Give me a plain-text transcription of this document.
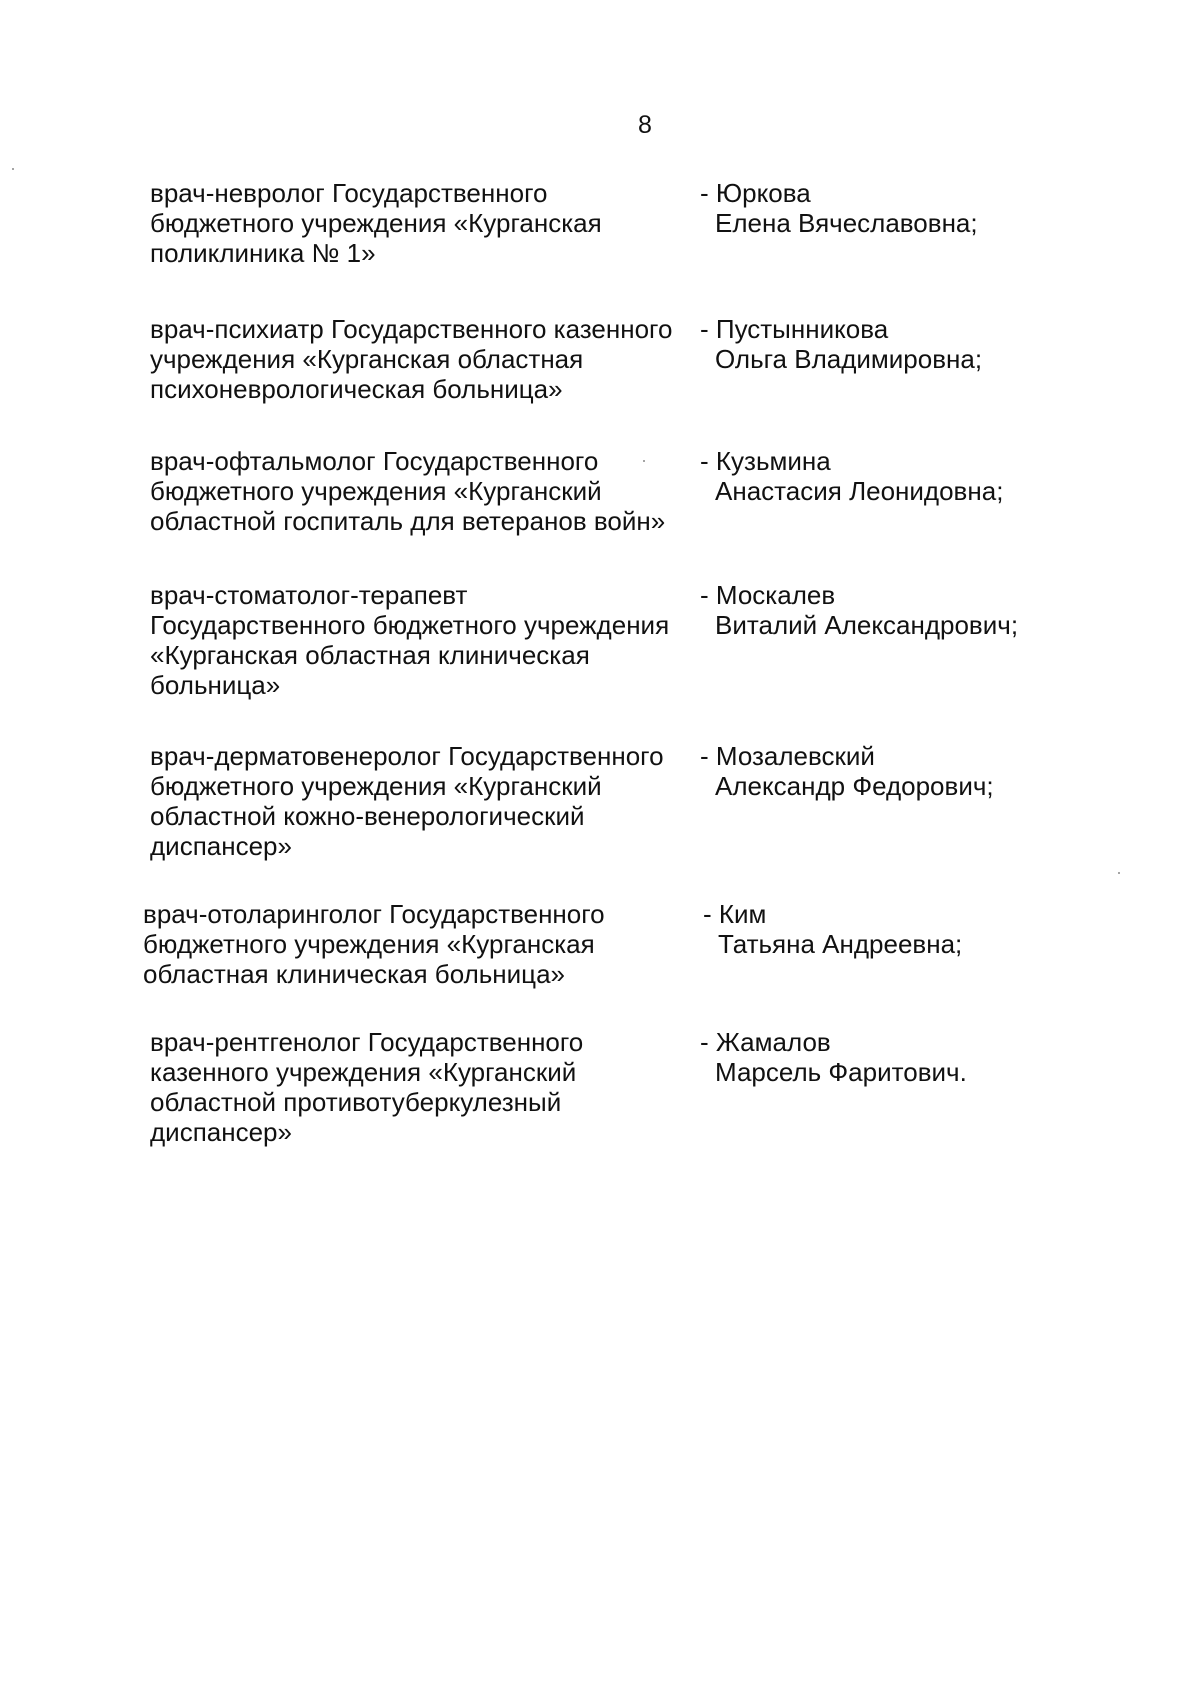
8
врач-невролог Государственного
бюджетного учреждения «Курганская
поликлиника № 1»
- Юркова
Елена Вячеславовна;
врач-психиатр Государственного казенного
учреждения «Курганская областная
психоневрологическая больница»
- Пустынникова
Ольга Владимировна;
врач-офтальмолог Государственного
бюджетного учреждения «Курганский
областной госпиталь для ветеранов войн»
- Кузьмина
Анастасия Леонидовна;
врач-стоматолог-терапевт
Государственного бюджетного учреждения
«Курганская областная клиническая
больница»
- Москалев
Виталий Александрович;
врач-дерматовенеролог Государственного
бюджетного учреждения «Курганский
областной кожно-венерологический
диспансер»
- Мозалевский
Александр Федорович;
врач-отоларинголог Государственного
бюджетного учреждения «Курганская
областная клиническая больница»
- Ким
Татьяна Андреевна;
врач-рентгенолог Государственного
казенного учреждения «Курганский
областной противотуберкулезный
диспансер»
- Жамалов
Марсель Фаритович.
